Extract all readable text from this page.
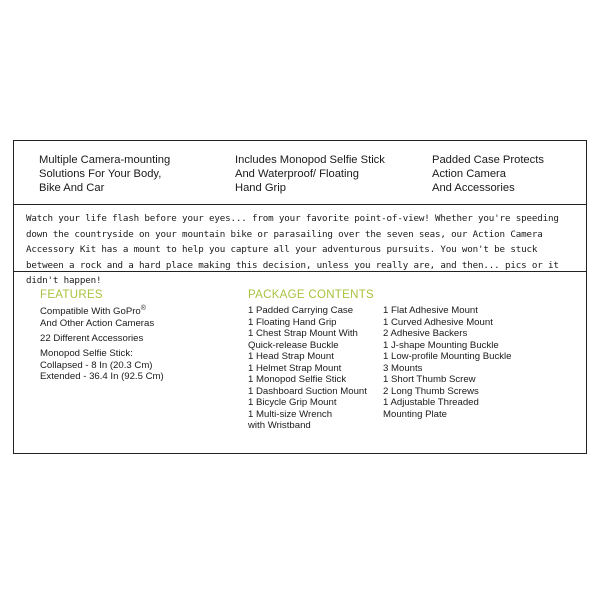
Multiple Camera-mounting
Solutions For Your Body,
Bike And Car
Includes Monopod Selfie Stick
And Waterproof/ Floating
Hand Grip
Padded Case Protects
Action Camera
And Accessories
Watch your life flash before your eyes... from your favorite point-of-view! Whether you're speeding down the countryside on your mountain bike or parasailing over the seven seas, our Action Camera Accessory Kit has a mount to help you capture all your adventurous pursuits. You won't be stuck between a rock and a hard place making this decision, unless you really are, and then... pics or it didn't happen!
FEATURES
Compatible With GoPro®
And Other Action Cameras
22 Different Accessories
Monopod Selfie Stick:
Collapsed - 8 In (20.3 Cm)
Extended - 36.4 In (92.5 Cm)
PACKAGE CONTENTS
1 Padded Carrying Case
1 Floating Hand Grip
1 Chest Strap Mount With
Quick-release Buckle
1 Head Strap Mount
1 Helmet Strap Mount
1 Monopod Selfie Stick
1 Dashboard Suction Mount
1 Bicycle Grip Mount
1 Multi-size Wrench
with Wristband
1 Flat Adhesive Mount
1 Curved Adhesive Mount
2 Adhesive Backers
1 J-shape Mounting Buckle
1 Low-profile Mounting Buckle
3 Mounts
1 Short Thumb Screw
2 Long Thumb Screws
1 Adjustable Threaded
Mounting Plate
